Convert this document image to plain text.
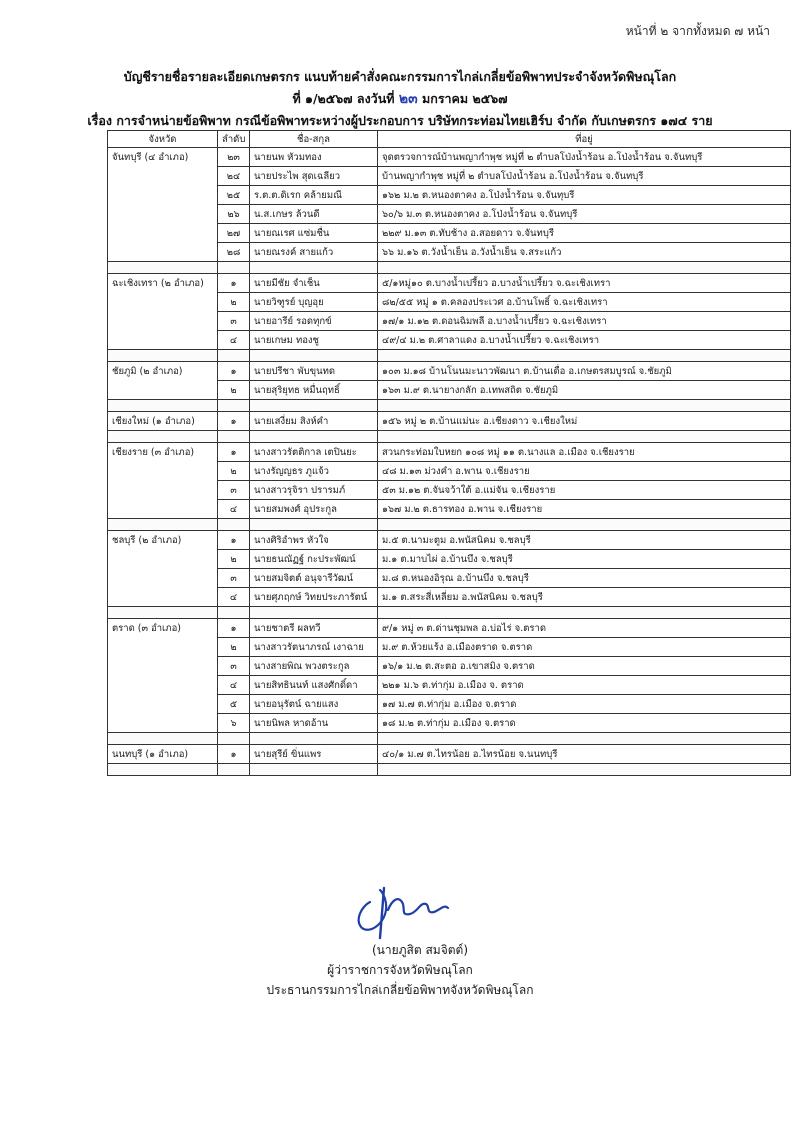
หน้าที่ ๒ จากทั้งหมด ๗ หน้า
บัญชีรายชื่อรายละเอียดเกษตรกร แนบท้ายคำสั่งคณะกรรมการไกล่เกลี่ยข้อพิพาทประจำจังหวัดพิษณุโลก
ที่ ๑/๒๕๖๗ ลงวันที่ ๒๓ มกราคม ๒๕๖๗
เรื่อง การจำหน่ายข้อพิพาท กรณีข้อพิพาทระหว่างผู้ประกอบการ บริษัทกระท่อมไทยเฮิร์บ จำกัด กับเกษตรกร ๑๗๔ ราย
จังหวัด	ลำดับ	ชื่อ-สกุล	ที่อยู่

จันทบุรี (๔ อำเภอ)	๒๓	นายนพ หัวมทอง	จุดตรวจการณ์บ้านพญากำพุช หมู่ที่ ๒ ตำบลโป่งน้ำร้อน อ.โป่งน้ำร้อน จ.จันทบุรี
	๒๔	นายประไพ สุดเฉลียว	บ้านพญากำพุช หมู่ที่ ๒ ตำบลโป่งน้ำร้อน อ.โป่งน้ำร้อน จ.จันทบุรี
	๒๕	ร.ต.ต.ดิเรก คล้ายมณี	๑๖๒ ม.๒ ต.หนองตาคง อ.โป่งน้ำร้อน จ.จันทุบรี
	๒๖	น.ส.เกษร ล้วนดี	๖๐/๖ ม.๓ ต.หนองตาคง อ.โป่งน้ำร้อน จ.จันทบุรี
	๒๗	นายณเรศ แซ่มชื่น	๒๒๙ ม.๑๓ ต.ทับช้าง อ.สอยดาว จ.จันทบุรี
	๒๘	นายณรงค์ สายแก้ว	๖๖ ม.๑๖ ต.วังน้ำเย็น อ.วังน้ำเย็น จ.สระแก้ว

ฉะเชิงเทรา (๒ อำเภอ)	๑	นายมีชัย จำเช็น	๕/๑หมู่๑๐ ต.บางน้ำเปรี้ยว อ.บางน้ำเปรี้ยว จ.ฉะเชิงเทรา
	๒	นายวิฑูรย์ บุญอุย	๘๒/๕๕ หมู่ ๑ ต.คลองประเวศ อ.บ้านโพธิ์ จ.ฉะเชิงเทรา
	๓	นายอารีย์ รอดทุกข์	๑๗/๑ ม.๑๒ ต.ดอนฉิมพลี อ.บางน้ำเปรี้ยว จ.ฉะเชิงเทรา
	๔	นายเกษม ทองชู	๔๙/๔ ม.๒ ต.ศาลาแดง อ.บางน้ำเปรี้ยว จ.ฉะเชิงเทรา

ชัยภูมิ (๒ อำเภอ)	๑	นายปรีชา พับขุนทด	๑๐๓ ม.๑๘ บ้านโนนมะนาวพัฒนา ต.บ้านเดื่อ อ.เกษตรสมบูรณ์ จ.ชัยภูมิ
	๒	นายสุริยุทธ หมื่นฤทธิ์	๑๖๓ ม.๙ ต.นายางกลัก อ.เทพสถิต จ.ชัยภูมิ

เชียงใหม่ (๑ อำเภอ)	๑	นายเสงี่ยม สิงห์คำ	๑๕๖ หมู่ ๒ ต.บ้านแม่นะ อ.เชียงดาว จ.เชียงใหม่

เชียงราย (๓ อำเภอ)	๑	นางสาวรัตติกาล เตปินยะ	สวนกระท่อมใบหยก ๑๐๘ หมู่ ๑๑ ต.นางแล อ.เมือง จ.เชียงราย
	๒	นางรัญญธร ภูแจ้ว	๔๘ ม.๑๓ ม่วงคำ อ.พาน จ.เชียงราย
	๓	นางสาวรุจิรา ปรารมภ์	๕๓ ม.๑๒ ต.จันจว้าใต้ อ.แม่จัน จ.เชียงราย
	๔	นายสมพงศ์ อุประกูล	๑๖๗ ม.๒ ต.ธารทอง อ.พาน จ.เชียงราย

ชลบุรี (๒ อำเภอ)	๑	นางศิริอำพร หัวใจ	ม.๕ ต.นามะตูม อ.พนัสนิคม จ.ชลบุรี
	๒	นายธนณัฏฐ์ กะประพัฒน์	ม.๑ ต.มาบไผ่ อ.บ้านบึง จ.ชลบุรี
	๓	นายสมจิตต์ อนุจารีวัฒน์	ม.๘ ต.หนองอิรุณ อ.บ้านบึง จ.ชลบุรี
	๔	นายศุภฤกษ์ วิทยประภารัตน์	ม.๑ ต.สระสี่เหลี่ยม อ.พนัสนิคม จ.ชลบุรี

ตราด (๓ อำเภอ)	๑	นายชาตรี ผลทวี	๙/๑ หมู่ ๓ ต.ด่านชุมพล อ.บ่อไร่ จ.ตราด
	๒	นางสาวรัตนาภรณ์ เงาฉาย	ม.๙ ต.ห้วยแร้ง อ.เมืองตราด จ.ตราด
	๓	นางสายพิณ พวงตระกูล	๑๖/๑ ม.๒ ต.สะตอ อ.เขาสมิง จ.ตราด
	๔	นายสิทธินนท์ แสงศักดิ์ดา	๒๒๑ ม.๖ ต.ท่ากุ่ม อ.เมือง จ. ตราด
	๕	นายอนุรัตน์ ฉายแสง	๑๗ ม.๗ ต.ท่ากุ่ม อ.เมือง จ.ตราด
	๖	นายนิพล หาดอ้าน	๑๘ ม.๒ ต.ท่ากุ่ม อ.เมือง จ.ตราด

นนทบุรี (๑ อำเภอ)	๑	นายสุรีย์ ขิ่นแพร	๔๐/๑ ม.๗ ต.ไทรน้อย อ.ไทรน้อย จ.นนทบุรี

(นายภูสิต สมจิตต์)
ผู้ว่าราชการจังหวัดพิษณุโลก
ประธานกรรมการไกล่เกลี่ยข้อพิพาทจังหวัดพิษณุโลก
